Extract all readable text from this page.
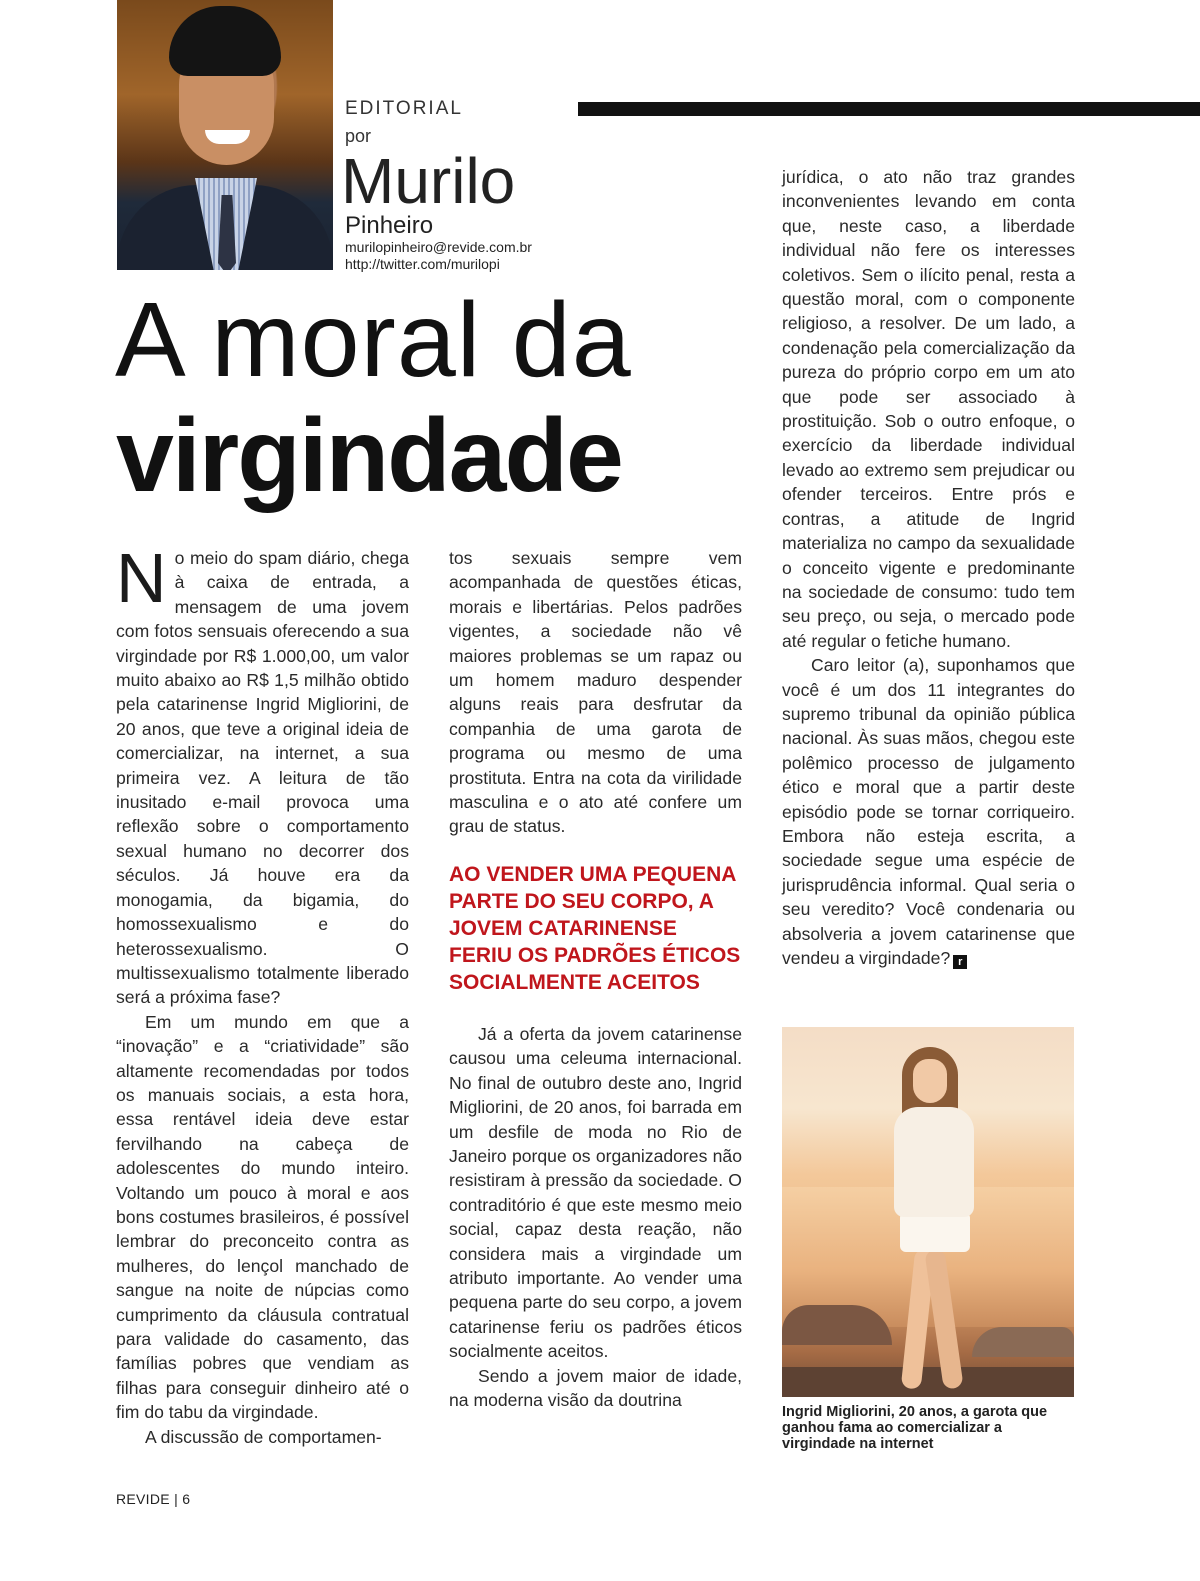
EDITORIAL
por
Murilo
Pinheiro
murilopinheiro@revide.com.br
http://twitter.com/murilopi
A moral da
virgindade

No meio do spam diário, chega à caixa de entrada, a mensagem de uma jovem com fotos sensuais oferecendo a sua virgindade por R$ 1.000,00, um valor muito abaixo ao R$ 1,5 milhão obtido pela catarinense Ingrid Migliorini, de 20 anos, que teve a original ideia de comercializar, na internet, a sua primeira vez. A leitura de tão inusitado e-mail provoca uma reflexão sobre o comportamento sexual humano no decorrer dos séculos. Já houve era da monogamia, da bigamia, do homossexualismo e do heterossexualismo. O multissexualismo totalmente liberado será a próxima fase?

Em um mundo em que a “inovação” e a “criatividade” são altamente recomendadas por todos os manuais sociais, a esta hora, essa rentável ideia deve estar fervilhando na cabeça de adolescentes do mundo inteiro. Voltando um pouco à moral e aos bons costumes brasileiros, é possível lembrar do preconceito contra as mulheres, do lençol manchado de sangue na noite de núpcias como cumprimento da cláusula contratual para validade do casamento, das famílias pobres que vendiam as filhas para conseguir dinheiro até o fim do tabu da virgindade.

A discussão de comportamen-

tos sexuais sempre vem acompanhada de questões éticas, morais e libertárias. Pelos padrões vigentes, a sociedade não vê maiores problemas se um rapaz ou um homem maduro despender alguns reais para desfrutar da companhia de uma garota de programa ou mesmo de uma prostituta. Entra na cota da virilidade masculina e o ato até confere um grau de status.

AO VENDER UMA PEQUENA PARTE DO SEU CORPO, A JOVEM CATARINENSE FERIU OS PADRÕES ÉTICOS SOCIALMENTE ACEITOS

Já a oferta da jovem catarinense causou uma celeuma internacional. No final de outubro deste ano, Ingrid Migliorini, de 20 anos, foi barrada em um desfile de moda no Rio de Janeiro porque os organizadores não resistiram à pressão da sociedade. O contraditório é que este mesmo meio social, capaz desta reação, não considera mais a virgindade um atributo importante. Ao vender uma pequena parte do seu corpo, a jovem catarinense feriu os padrões éticos socialmente aceitos.

Sendo a jovem maior de idade, na moderna visão da doutrina

jurídica, o ato não traz grandes inconvenientes levando em conta que, neste caso, a liberdade individual não fere os interesses coletivos. Sem o ilícito penal, resta a questão moral, com o componente religioso, a resolver. De um lado, a condenação pela comercialização da pureza do próprio corpo em um ato que pode ser associado à prostituição. Sob o outro enfoque, o exercício da liberdade individual levado ao extremo sem prejudicar ou ofender terceiros. Entre prós e contras, a atitude de Ingrid materializa no campo da sexualidade o conceito vigente e predominante na sociedade de consumo: tudo tem seu preço, ou seja, o mercado pode até regular o fetiche humano.

Caro leitor (a), suponhamos que você é um dos 11 integrantes do supremo tribunal da opinião pública nacional. Às suas mãos, chegou este polêmico processo de julgamento ético e moral que a partir deste episódio pode se tornar corriqueiro. Embora não esteja escrita, a sociedade segue uma espécie de jurisprudência informal. Qual seria o seu veredito? Você condenaria ou absolveria a jovem catarinense que vendeu a virgindade? r

Ingrid Migliorini, 20 anos, a garota que ganhou fama ao comercializar a virgindade na internet
REVIDE | 6
